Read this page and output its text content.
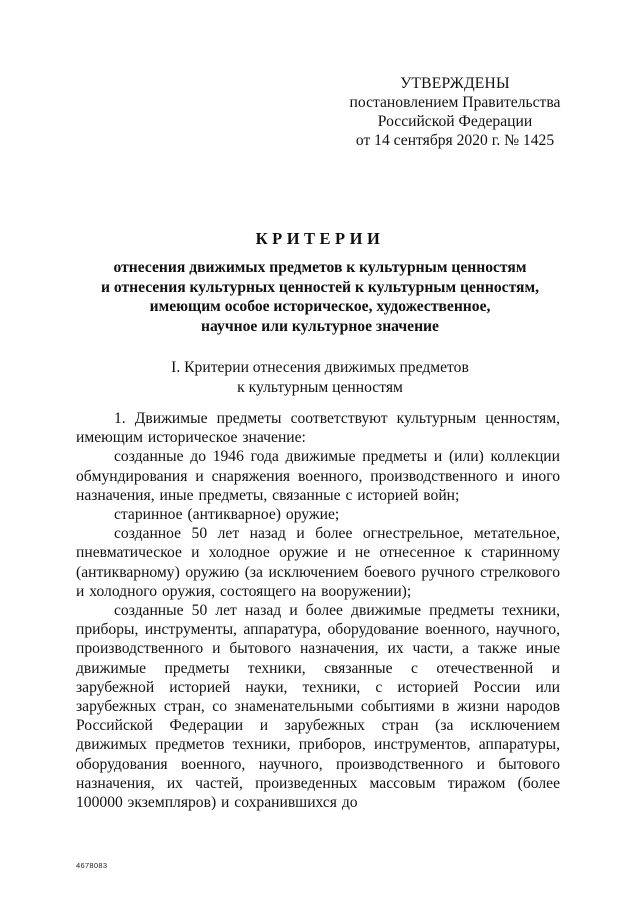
УТВЕРЖДЕНЫ
постановлением Правительства
Российской Федерации
от 14 сентября 2020 г. № 1425
КРИТЕРИИ
отнесения движимых предметов к культурным ценностям
и отнесения культурных ценностей к культурным ценностям,
имеющим особое историческое, художественное,
научное или культурное значение
I. Критерии отнесения движимых предметов
к культурным ценностям

1. Движимые предметы соответствуют культурным ценностям, имеющим историческое значение:

созданные до 1946 года движимые предметы и (или) коллекции обмундирования и снаряжения военного, производственного и иного назначения, иные предметы, связанные с историей войн;

старинное (антикварное) оружие;

созданное 50 лет назад и более огнестрельное, метательное, пневматическое и холодное оружие и не отнесенное к старинному (антикварному) оружию (за исключением боевого ручного стрелкового и холодного оружия, состоящего на вооружении);

созданные 50 лет назад и более движимые предметы техники, приборы, инструменты, аппаратура, оборудование военного, научного, производственного и бытового назначения, их части, а также иные движимые предметы техники, связанные с отечественной и зарубежной историей науки, техники, с историей России или зарубежных стран, со знаменательными событиями в жизни народов Российской Федерации и зарубежных стран (за исключением движимых предметов техники, приборов, инструментов, аппаратуры, оборудования военного, научного, производственного и бытового назначения, их частей, произведенных массовым тиражом (более 100000 экземпляров) и сохранившихся до

4678083
